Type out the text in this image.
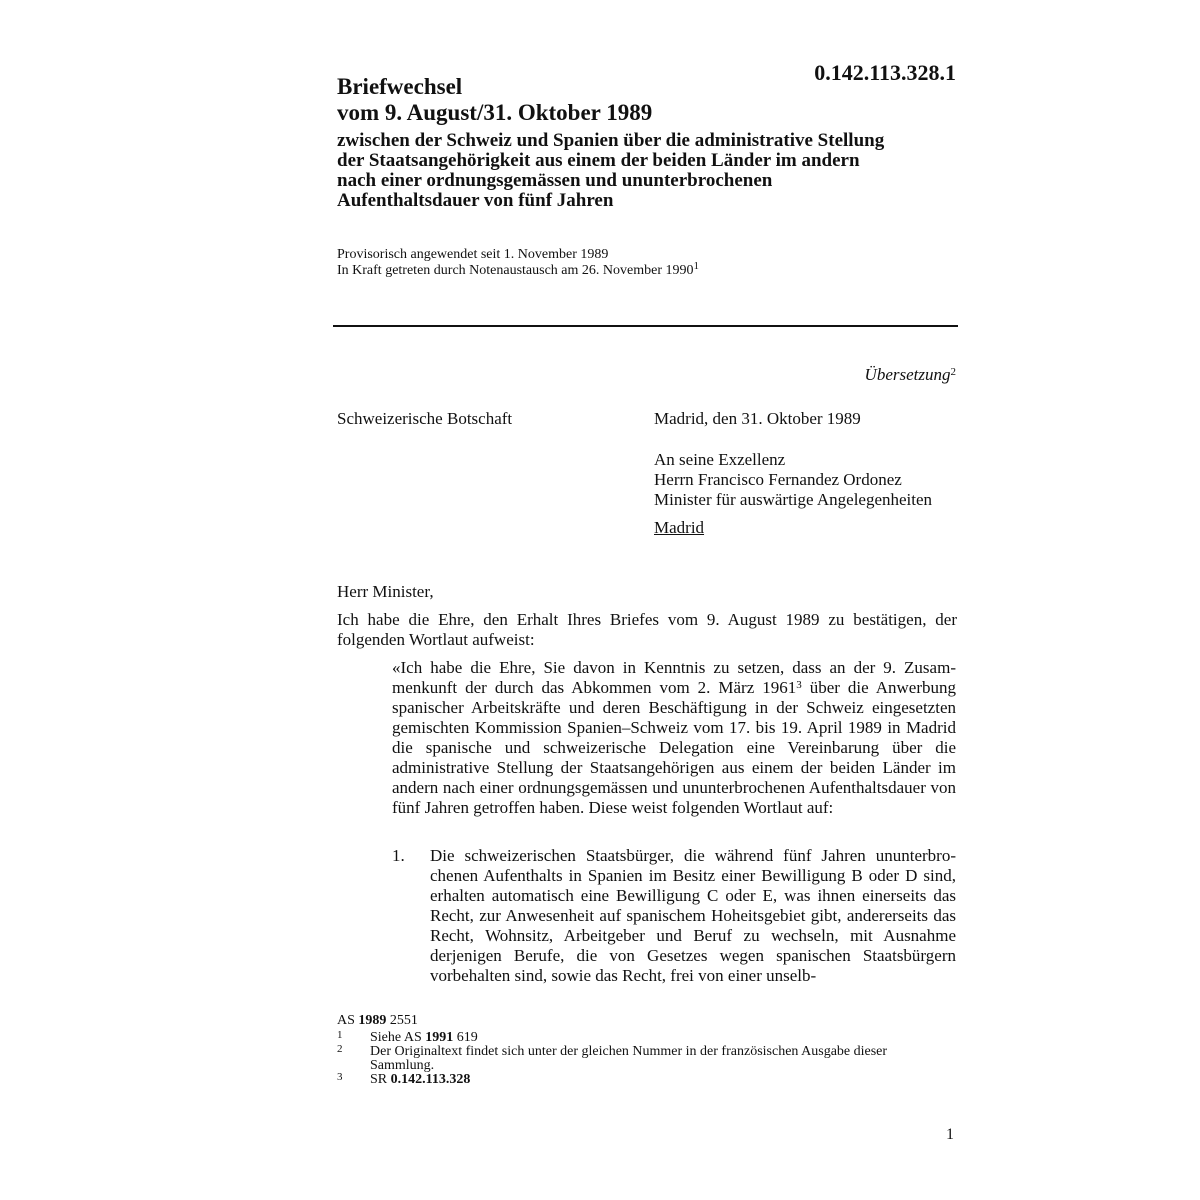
0.142.113.328.1
Briefwechsel
vom 9. August/31. Oktober 1989
zwischen der Schweiz und Spanien über die administrative Stellung
der Staatsangehörigkeit aus einem der beiden Länder im andern
nach einer ordnungsgemässen und ununterbrochenen
Aufenthaltsdauer von fünf Jahren
Provisorisch angewendet seit 1. November 1989
In Kraft getreten durch Notenaustausch am 26. November 1990$^1$
Übersetzung$^2$
Schweizerische Botschaft	Madrid, den 31. Oktober 1989
An seine Exzellenz
Herrn Francisco Fernandez Ordonez
Minister für auswärtige Angelegenheiten
Madrid
Herr Minister,
Ich habe die Ehre, den Erhalt Ihres Briefes vom 9. August 1989 zu bestätigen, der folgenden Wortlaut aufweist:
«Ich habe die Ehre, Sie davon in Kenntnis zu setzen, dass an der 9. Zusammenkunft der durch das Abkommen vom 2. März 1961$^3$ über die Anwerbung spanischer Arbeitskräfte und deren Beschäftigung in der Schweiz eingesetzten gemischten Kommission Spanien–Schweiz vom 17. bis 19. April 1989 in Madrid die spanische und schweizerische Delegation eine Vereinbarung über die administrative Stellung der Staatsangehörigen aus einem der beiden Länder im andern nach einer ordnungsgemässen und ununterbrochenen Aufenthaltsdauer von fünf Jahren getroffen haben. Diese weist folgenden Wortlaut auf:
1. Die schweizerischen Staatsbürger, die während fünf Jahren ununterbrochenen Aufenthalts in Spanien im Besitz einer Bewilligung B oder D sind, erhalten automatisch eine Bewilligung C oder E, was ihnen einerseits das Recht, zur Anwesenheit auf spanischem Hoheitsgebiet gibt, andererseits das Recht, Wohnsitz, Arbeitgeber und Beruf zu wechseln, mit Ausnahme derjenigen Berufe, die von Gesetzes wegen spanischen Staatsbürgern vorbehalten sind, sowie das Recht, frei von einer unselb-
AS 1989 2551
1 Siehe AS 1991 619
2 Der Originaltext findet sich unter der gleichen Nummer in der französischen Ausgabe dieser Sammlung.
3 SR 0.142.113.328
1
